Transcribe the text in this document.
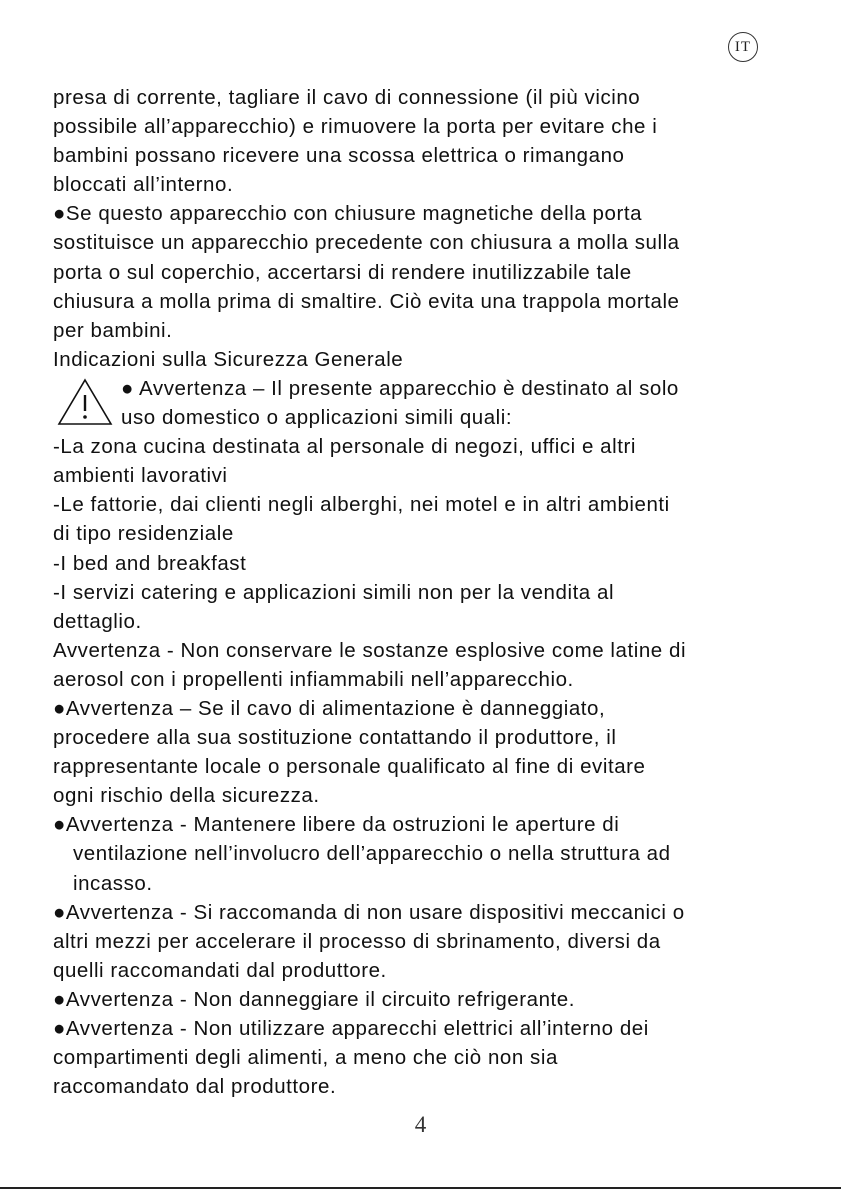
IT
presa di corrente, tagliare il cavo di connessione (il più vicino
possibile all’apparecchio) e rimuovere la porta per evitare che i
bambini possano ricevere una scossa elettrica o rimangano
bloccati all’interno.
●Se questo apparecchio con chiusure magnetiche della porta
sostituisce un apparecchio precedente con chiusura a molla sulla
porta o sul coperchio, accertarsi di rendere inutilizzabile tale
chiusura a molla prima di smaltire. Ciò evita una trappola mortale
per bambini.
Indicazioni sulla Sicurezza Generale
● Avvertenza – Il presente apparecchio è destinato al solo
uso domestico o applicazioni simili quali:
-La zona cucina destinata al personale di negozi, uffici e altri
ambienti lavorativi
-Le fattorie, dai clienti negli alberghi, nei motel e in altri ambienti
di tipo residenziale
-I bed and breakfast
-I servizi catering e applicazioni simili non per la vendita al
dettaglio.
Avvertenza - Non conservare le sostanze esplosive come latine di
aerosol con i propellenti infiammabili nell’apparecchio.
●Avvertenza – Se il cavo di alimentazione è danneggiato,
procedere alla sua sostituzione contattando il produttore, il
rappresentante locale o personale qualificato al fine di evitare
ogni rischio della sicurezza.
●Avvertenza - Mantenere libere da ostruzioni le aperture di
ventilazione nell’involucro dell’apparecchio o nella struttura ad
incasso.
●Avvertenza - Si raccomanda di non usare dispositivi meccanici o
altri mezzi per accelerare il processo di sbrinamento, diversi da
quelli raccomandati dal produttore.
●Avvertenza - Non danneggiare il circuito refrigerante.
●Avvertenza - Non utilizzare apparecchi elettrici all’interno dei
compartimenti degli alimenti, a meno che ciò non sia
raccomandato dal produttore.
4
